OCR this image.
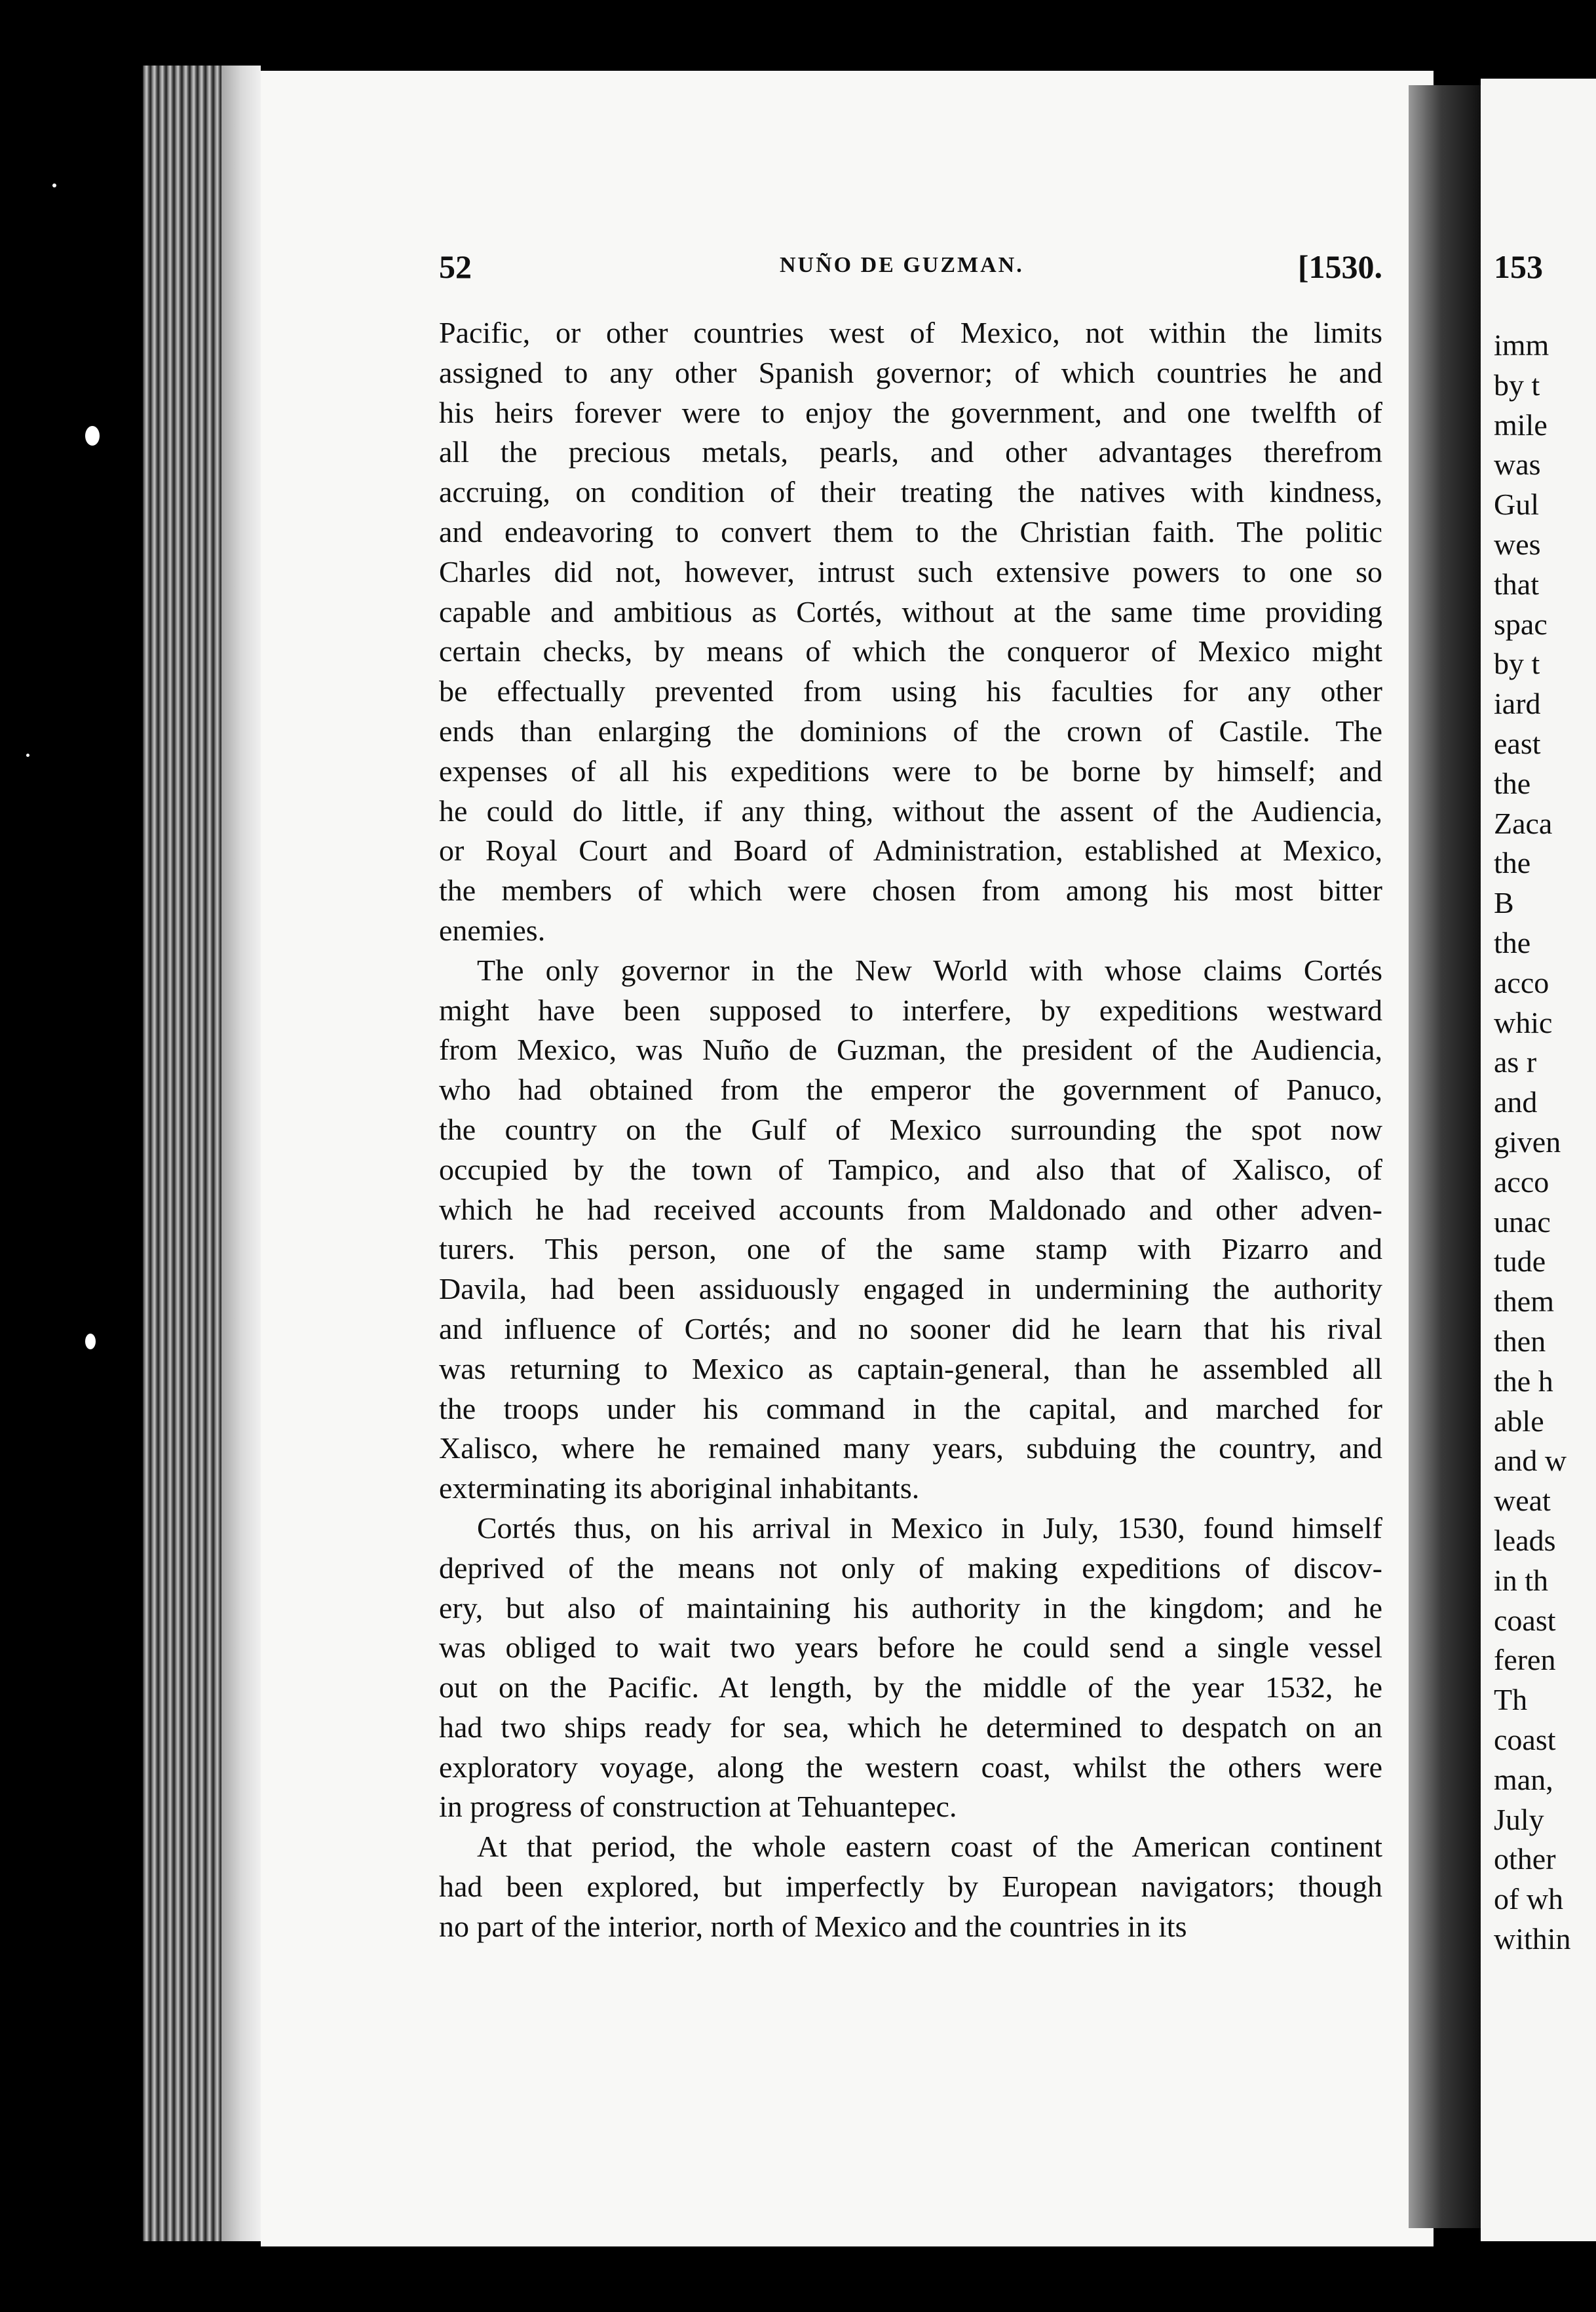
153
imm
by t
mile
was
Gul
wes
that
spac
by t
iard
east
the
Zaca
the
B
the
acco
whic
as r
and
given
acco
unac
tude
them
then
the h
able
and w
weat
leads
in th
coast
feren
Th
coast
man,
July
other
of wh
within
52	NUÑO DE GUZMAN.	[1530.
Pacific, or other countries west of Mexico, not within the limits
assigned to any other Spanish governor; of which countries he and
his heirs forever were to enjoy the government, and one twelfth of
all the precious metals, pearls, and other advantages therefrom
accruing, on condition of their treating the natives with kindness,
and endeavoring to convert them to the Christian faith. The politic
Charles did not, however, intrust such extensive powers to one so
capable and ambitious as Cortés, without at the same time providing
certain checks, by means of which the conqueror of Mexico might
be effectually prevented from using his faculties for any other
ends than enlarging the dominions of the crown of Castile. The
expenses of all his expeditions were to be borne by himself; and
he could do little, if any thing, without the assent of the Audiencia,
or Royal Court and Board of Administration, established at Mexico,
the members of which were chosen from among his most bitter
enemies.
The only governor in the New World with whose claims Cortés
might have been supposed to interfere, by expeditions westward
from Mexico, was Nuño de Guzman, the president of the Audiencia,
who had obtained from the emperor the government of Panuco,
the country on the Gulf of Mexico surrounding the spot now
occupied by the town of Tampico, and also that of Xalisco, of
which he had received accounts from Maldonado and other adven-
turers. This person, one of the same stamp with Pizarro and
Davila, had been assiduously engaged in undermining the authority
and influence of Cortés; and no sooner did he learn that his rival
was returning to Mexico as captain-general, than he assembled all
the troops under his command in the capital, and marched for
Xalisco, where he remained many years, subduing the country, and
exterminating its aboriginal inhabitants.
Cortés thus, on his arrival in Mexico in July, 1530, found himself
deprived of the means not only of making expeditions of discov-
ery, but also of maintaining his authority in the kingdom; and he
was obliged to wait two years before he could send a single vessel
out on the Pacific. At length, by the middle of the year 1532, he
had two ships ready for sea, which he determined to despatch on an
exploratory voyage, along the western coast, whilst the others were
in progress of construction at Tehuantepec.
At that period, the whole eastern coast of the American continent
had been explored, but imperfectly by European navigators; though
no part of the interior, north of Mexico and the countries in its
